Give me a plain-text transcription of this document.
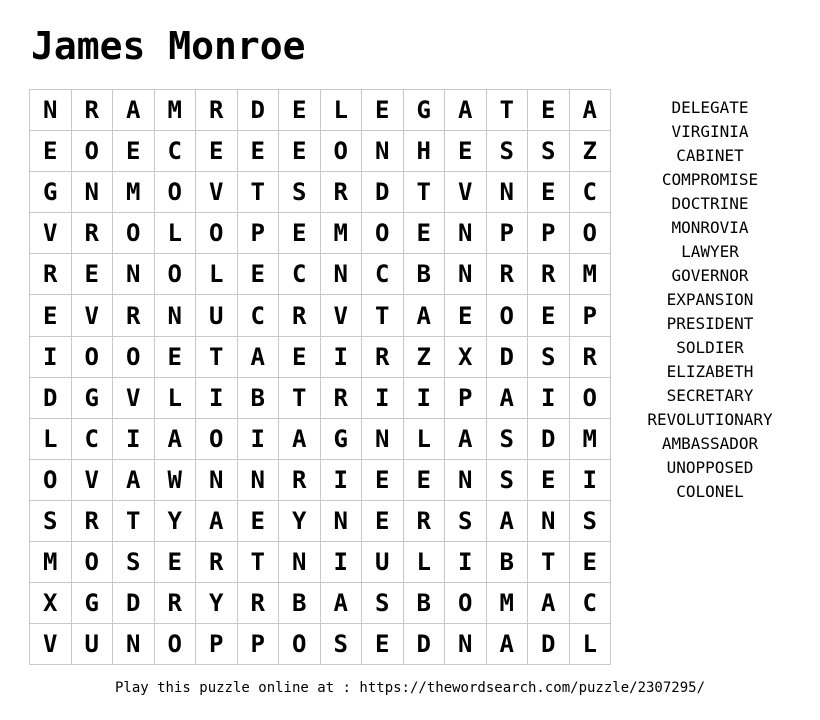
James Monroe
N	R	A	M	R	D	E	L	E	G	A	T	E	A
E	O	E	C	E	E	E	O	N	H	E	S	S	Z
G	N	M	O	V	T	S	R	D	T	V	N	E	C
V	R	O	L	O	P	E	M	O	E	N	P	P	O
R	E	N	O	L	E	C	N	C	B	N	R	R	M
E	V	R	N	U	C	R	V	T	A	E	O	E	P
I	O	O	E	T	A	E	I	R	Z	X	D	S	R
D	G	V	L	I	B	T	R	I	I	P	A	I	O
L	C	I	A	O	I	A	G	N	L	A	S	D	M
O	V	A	W	N	N	R	I	E	E	N	S	E	I
S	R	T	Y	A	E	Y	N	E	R	S	A	N	S
M	O	S	E	R	T	N	I	U	L	I	B	T	E
X	G	D	R	Y	R	B	A	S	B	O	M	A	C
V	U	N	O	P	P	O	S	E	D	N	A	D	L
DELEGATE
VIRGINIA
CABINET
COMPROMISE
DOCTRINE
MONROVIA
LAWYER
GOVERNOR
EXPANSION
PRESIDENT
SOLDIER
ELIZABETH
SECRETARY
REVOLUTIONARY
AMBASSADOR
UNOPPOSED
COLONEL
Play this puzzle online at : https://thewordsearch.com/puzzle/2307295/
